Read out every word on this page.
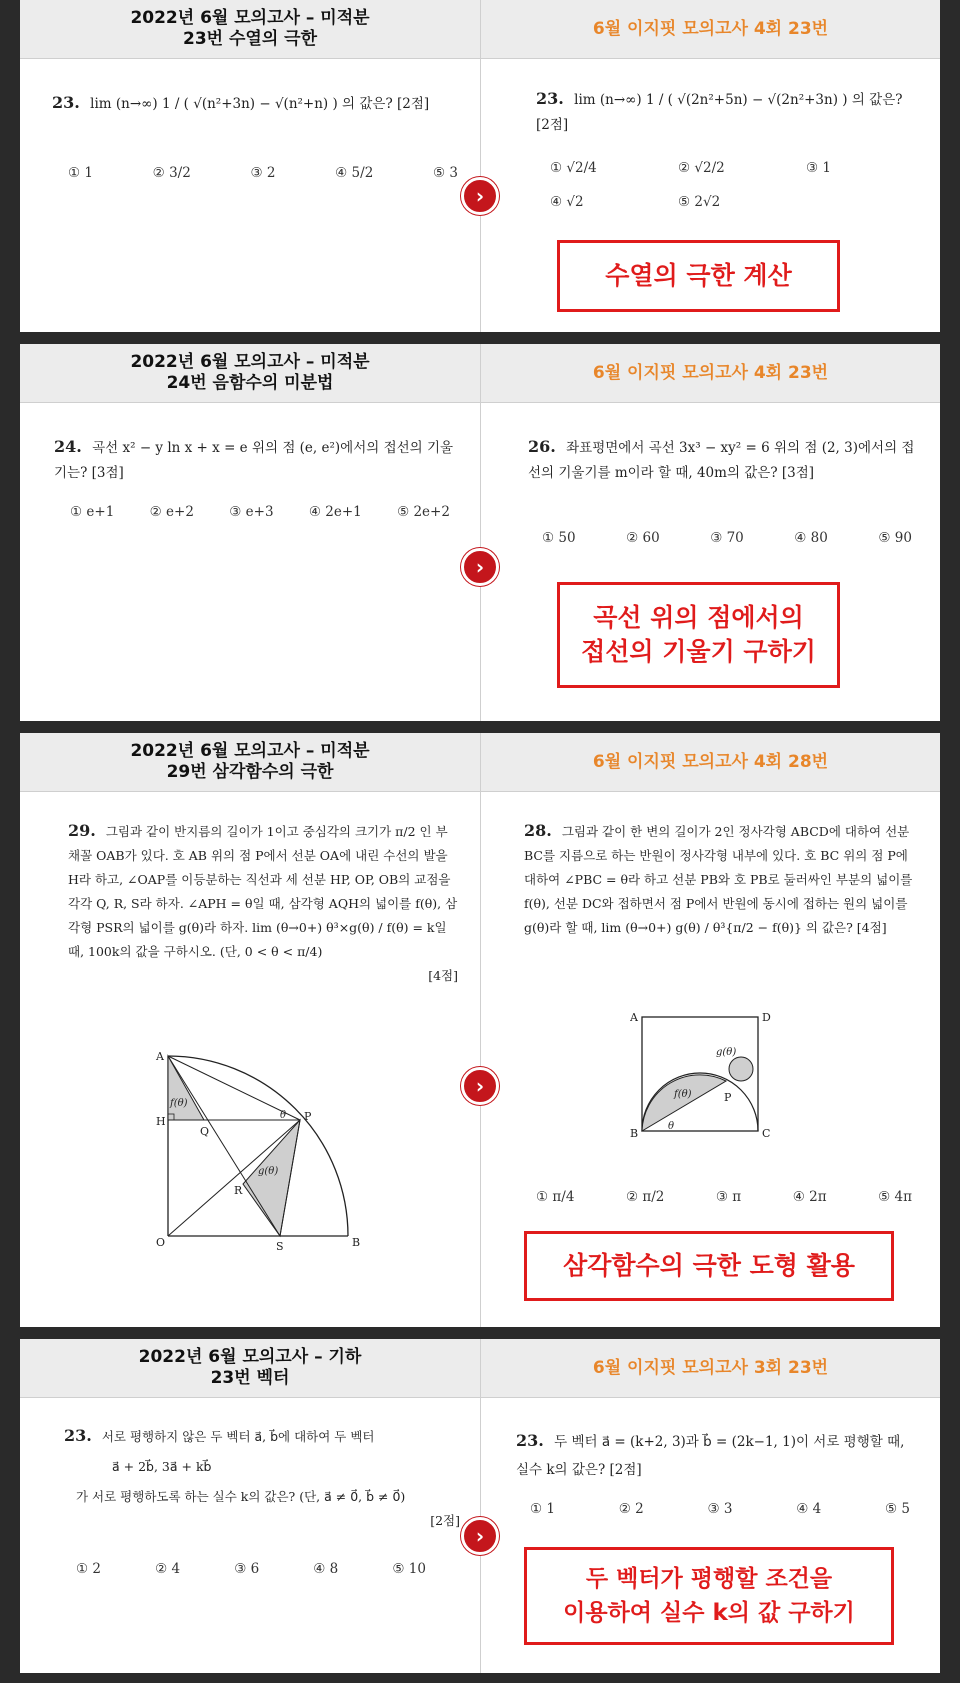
2022년 6월 모의고사 – 미적분
23번 수열의 극한
6월 이지핏 모의고사 4회 23번
23. lim (n→∞) 1 / ( √(n²+3n) − √(n²+n) ) 의 값은? [2점]
① 1	② 3/2	③ 2	④ 5/2	⑤ 3
23. lim (n→∞) 1 / ( √(2n²+5n) − √(2n²+3n) ) 의 값은? [2점]
① √2/4	② √2/2	③ 1
④ √2	⑤ 2√2
›
수열의 극한 계산
2022년 6월 모의고사 – 미적분
24번 음함수의 미분법
6월 이지핏 모의고사 4회 23번
24. 곡선 x² − y ln x + x = e 위의 점 (e, e²)에서의 접선의 기울기는? [3점]
① e+1	② e+2	③ e+3	④ 2e+1	⑤ 2e+2
26. 좌표평면에서 곡선 3x³ − xy² = 6 위의 점 (2, 3)에서의 접선의 기울기를 m이라 할 때, 40m의 값은? [3점]
① 50	② 60	③ 70	④ 80	⑤ 90
›
곡선 위의 점에서의
접선의 기울기 구하기
2022년 6월 모의고사 – 미적분
29번 삼각함수의 극한
6월 이지핏 모의고사 4회 28번
29. 그림과 같이 반지름의 길이가 1이고 중심각의 크기가 π/2 인 부채꼴 OAB가 있다. 호 AB 위의 점 P에서 선분 OA에 내린 수선의 발을 H라 하고, ∠OAP를 이등분하는 직선과 세 선분 HP, OP, OB의 교점을 각각 Q, R, S라 하자. ∠APH = θ일 때, 삼각형 AQH의 넓이를 f(θ), 삼각형 PSR의 넓이를 g(θ)라 하자. lim (θ→0+) θ³×g(θ) / f(θ) = k일 때, 100k의 값을 구하시오. (단, 0 < θ < π/4)
[4점]
A
H
O	B
P
Q
R
S
f(θ)
g(θ)
θ
28. 그림과 같이 한 변의 길이가 2인 정사각형 ABCD에 대하여 선분 BC를 지름으로 하는 반원이 정사각형 내부에 있다. 호 BC 위의 점 P에 대하여 ∠PBC = θ라 하고 선분 PB와 호 PB로 둘러싸인 부분의 넓이를 f(θ), 선분 DC와 접하면서 점 P에서 반원에 동시에 접하는 원의 넓이를 g(θ)라 할 때, lim (θ→0+) g(θ) / θ³{π/2 − f(θ)} 의 값은? [4점]
A	D
B	C
P
f(θ)
g(θ)
θ
① π/4	② π/2	③ π	④ 2π	⑤ 4π
›
삼각함수의 극한 도형 활용
2022년 6월 모의고사 – 기하
23번 벡터
6월 이지핏 모의고사 3회 23번
23. 서로 평행하지 않은 두 벡터 a⃗, b⃗에 대하여 두 벡터
a⃗ + 2b⃗, 3a⃗ + kb⃗
가 서로 평행하도록 하는 실수 k의 값은? (단, a⃗ ≠ 0⃗, b⃗ ≠ 0⃗)
[2점]
① 2	② 4	③ 6	④ 8	⑤ 10
23. 두 벡터 a⃗ = (k+2, 3)과 b⃗ = (2k−1, 1)이 서로 평행할 때, 실수 k의 값은? [2점]
① 1	② 2	③ 3	④ 4	⑤ 5
›
두 벡터가 평행할 조건을
이용하여 실수 k의 값 구하기
